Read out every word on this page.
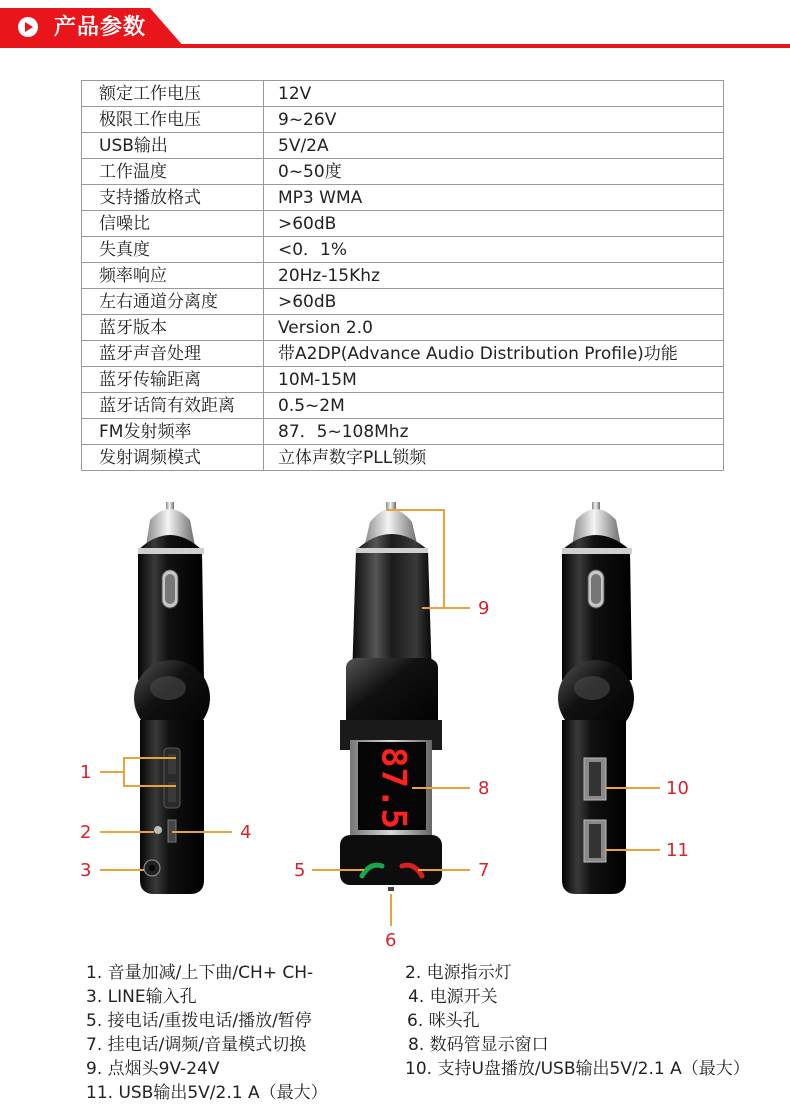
产品参数
额定工作电压	12V
极限工作电压	9~26V
USB输出	5V/2A
工作温度	0~50度
支持播放格式	MP3 WMA
信噪比	>60dB
失真度	<0．1%
频率响应	20Hz-15Khz
左右通道分离度	>60dB
蓝牙版本	Version 2.0
蓝牙声音处理	带A2DP(Advance Audio Distribution Profile)功能
蓝牙传输距离	10M-15M
蓝牙话筒有效距离	0.5~2M
FM发射频率	87．5~108Mhz
发射调频模式	立体声数字PLL锁频
87.5
1
2
3
4
5
6
7
8
9
10
11
1. 音量加减/上下曲/CH+ CH-	2. 电源指示灯
3. LINE输入孔	4. 电源开关
5. 接电话/重拨电话/播放/暂停	6. 咪头孔
7. 挂电话/调频/音量模式切换	8. 数码管显示窗口
9. 点烟头9V-24V	10. 支持U盘播放/USB输出5V/2.1 A（最大）
11. USB输出5V/2.1 A（最大）
